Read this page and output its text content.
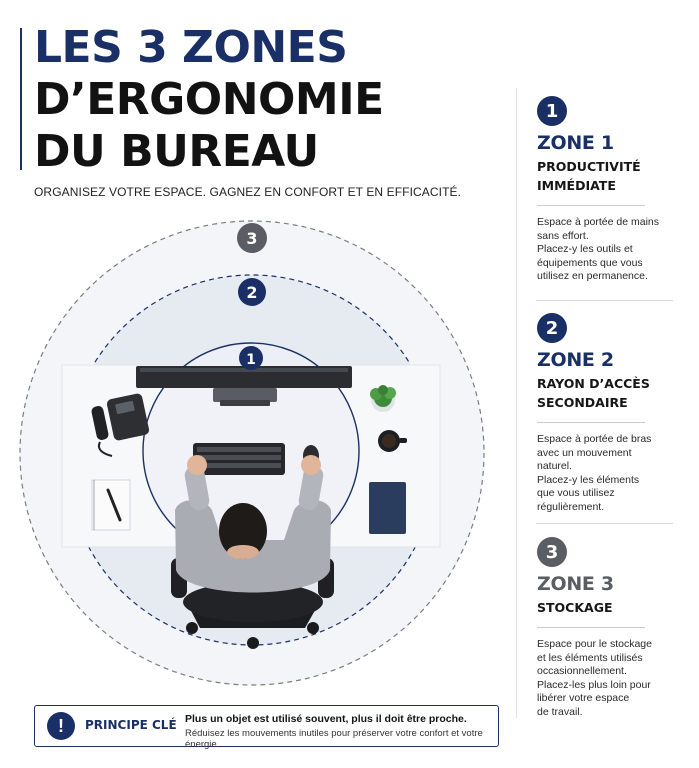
LES 3 ZONES
D’ERGONOMIE
DU BUREAU
ORGANISEZ VOTRE ESPACE. GAGNEZ EN CONFORT ET EN EFFICACITÉ.
3
2
1
1
ZONE 1
PRODUCTIVITÉ
IMMÉDIATE
Espace à portée de mains
sans effort.
Placez-y les outils et
équipements que vous
utilisez en permanence.
2
ZONE 2
RAYON D’ACCÈS
SECONDAIRE
Espace à portée de bras
avec un mouvement
naturel.
Placez-y les éléments
que vous utilisez
régulièrement.
3
ZONE 3
STOCKAGE
Espace pour le stockage
et les éléments utilisés
occasionnellement.
Placez-les plus loin pour
libérer votre espace
de travail.
!	PRINCIPE CLÉ Plus un objet est utilisé souvent, plus il doit être proche.
Réduisez les mouvements inutiles pour préserver votre confort et votre énergie.
